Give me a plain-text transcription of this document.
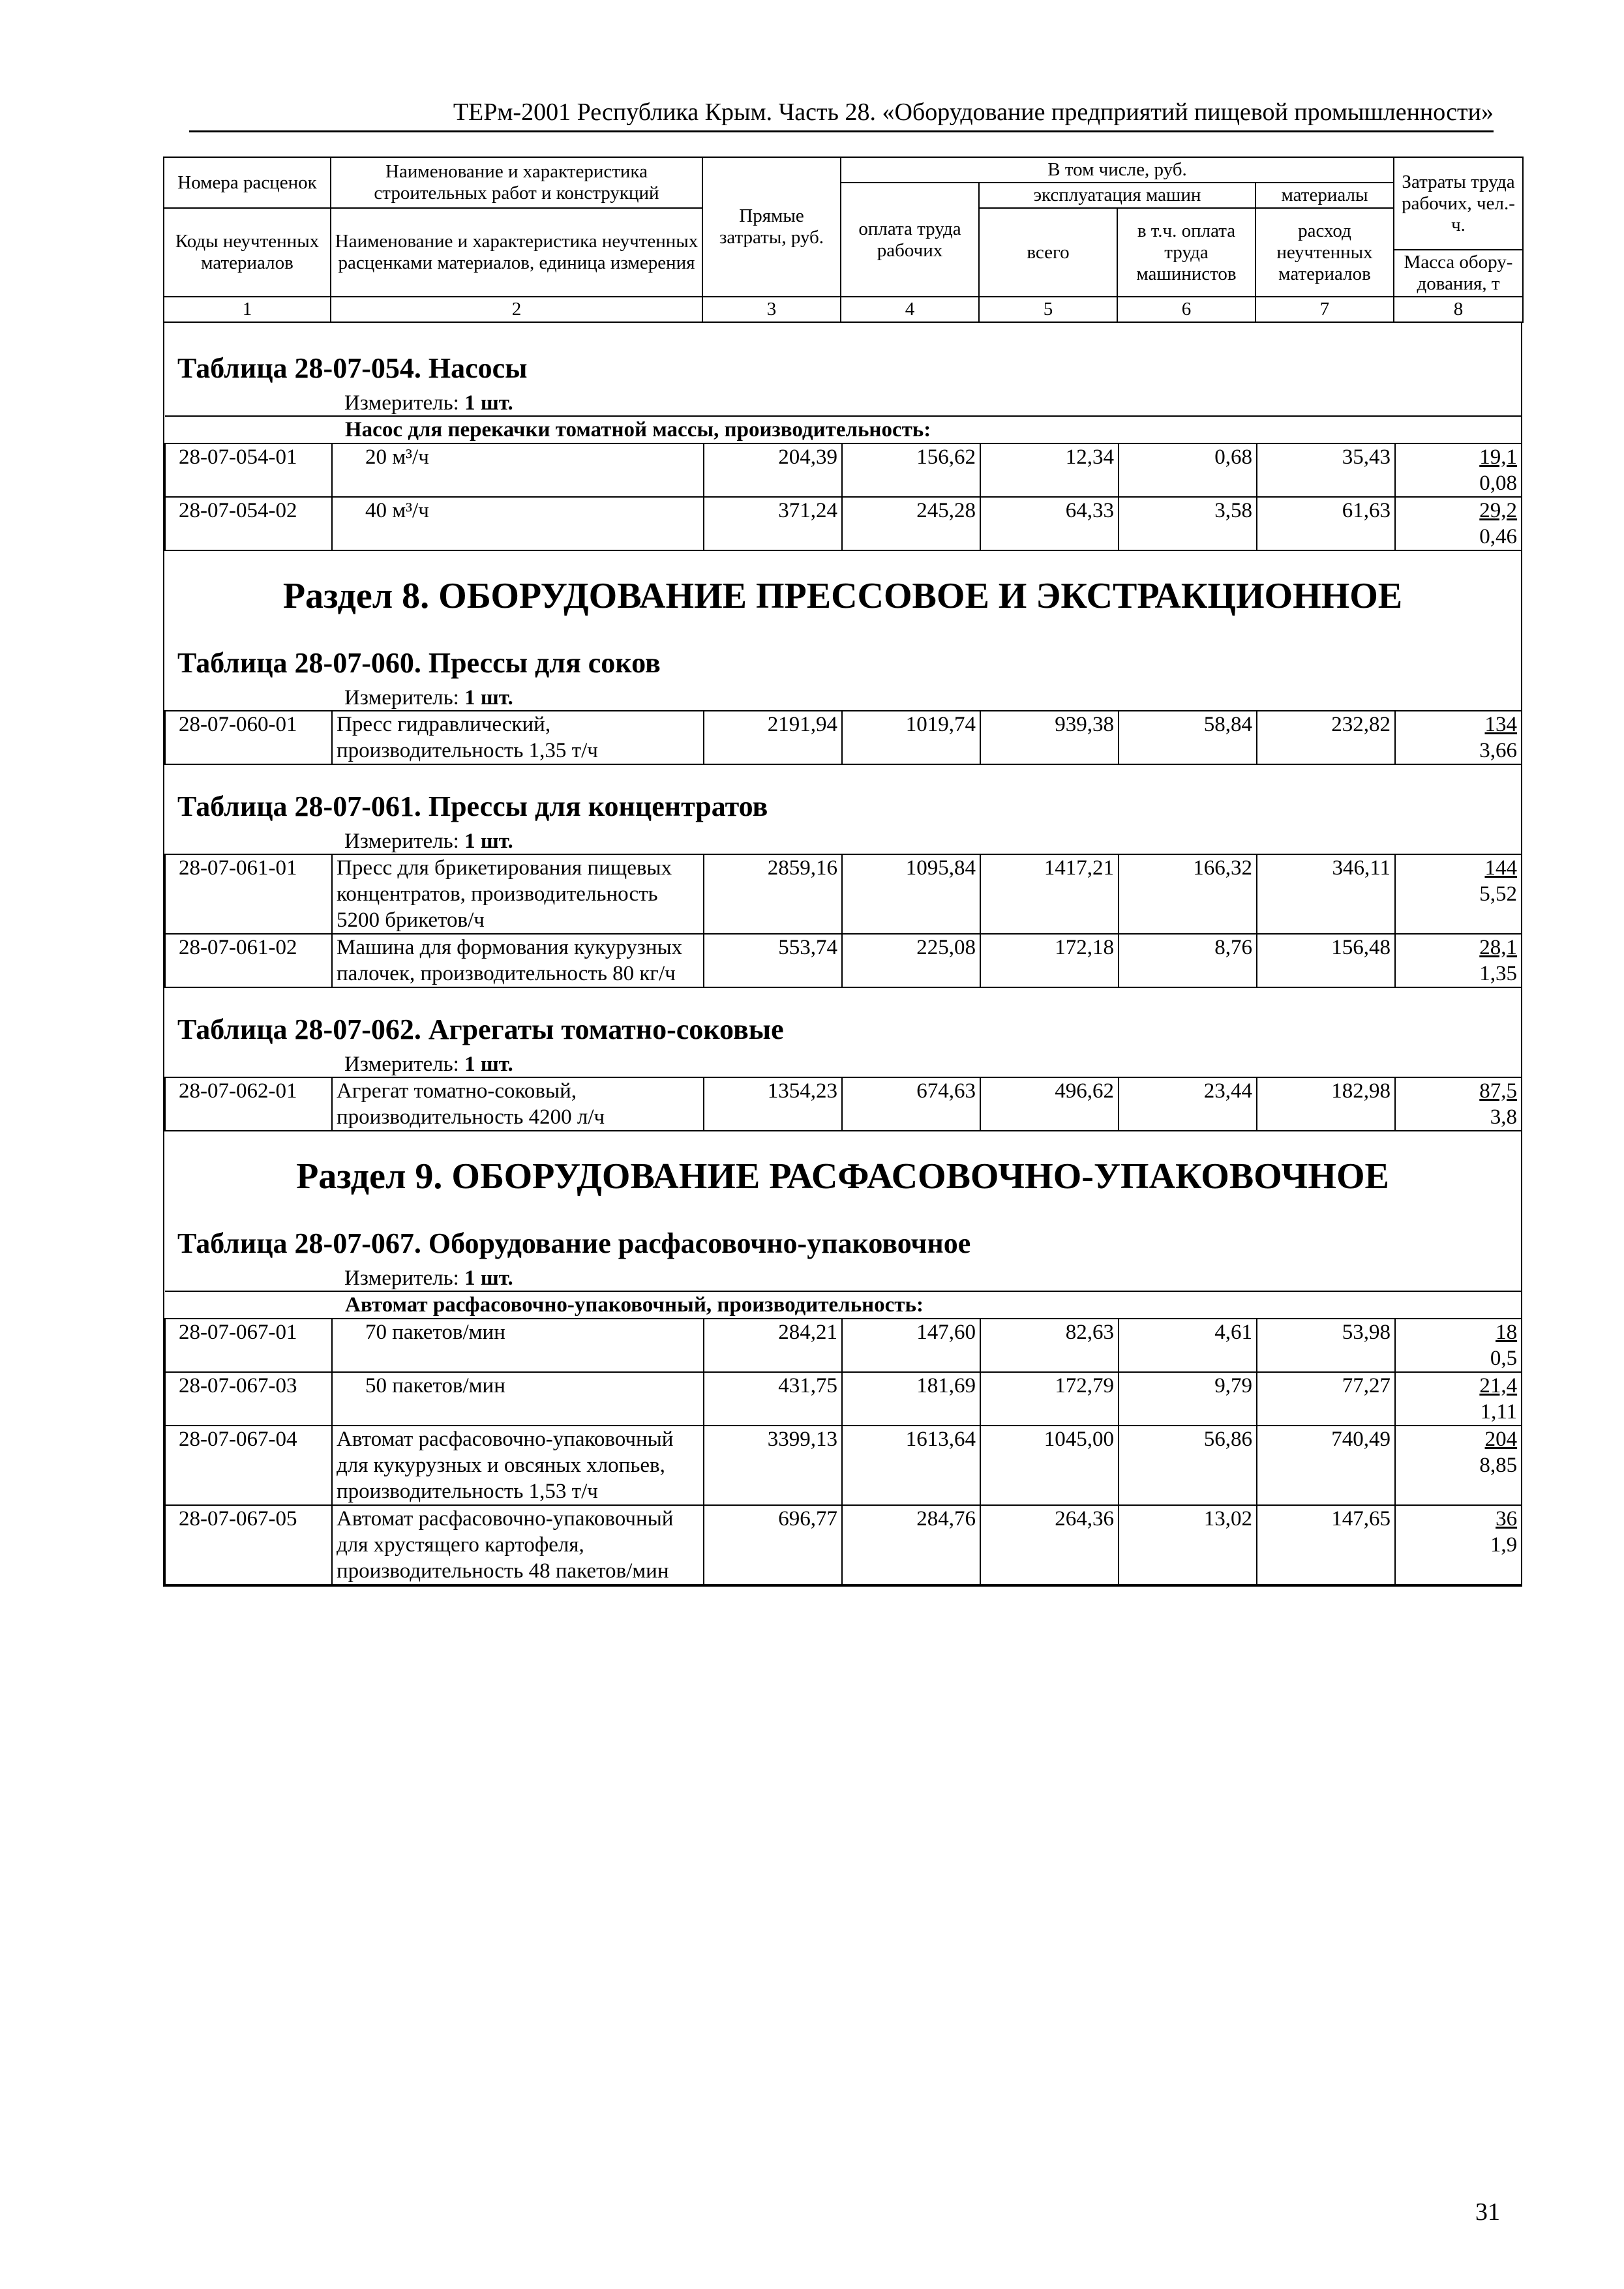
ТЕРм-2001 Республика Крым. Часть 28. «Оборудование предприятий пищевой промышленности»
Номера расценок	Наименование и характеристика строительных работ и конструкций	Прямые затраты, руб.	В том числе, руб.				Затраты труда рабочих, чел.-ч.
			оплата труда рабочих	эксплуатация машин		материалы	
Коды неучтенных материалов	Наименование и характеристика неучтенных расценками материалов, единица измерения			всего	в т.ч. оплата труда машинистов	расход неучтенных материалов	
							Масса обору-дования, т
1	2	3	4	5	6	7	8
Таблица 28-07-054. Насосы
Измеритель: 1 шт.
Насос для перекачки томатной массы, производительность:							
28-07-054-01	20 м³/ч	204,39	156,62	12,34	0,68	35,43	19,1
0,08

28-07-054-02	40 м³/ч	371,24	245,28	64,33	3,58	61,63	29,2
0,46
Раздел 8. ОБОРУДОВАНИЕ ПРЕССОВОЕ И ЭКСТРАКЦИОННОЕ
Таблица 28-07-060. Прессы для соков
Измеритель: 1 шт.
28-07-060-01	Пресс гидравлический, производительность 1,35 т/ч	2191,94	1019,74	939,38	58,84	232,82	134
3,66
Таблица 28-07-061. Прессы для концентратов
Измеритель: 1 шт.
28-07-061-01	Пресс для брикетирования пищевых концентратов, производительность 5200 брикетов/ч	2859,16	1095,84	1417,21	166,32	346,11	144
5,52

28-07-061-02	Машина для формования кукурузных палочек, производительность 80 кг/ч	553,74	225,08	172,18	8,76	156,48	28,1
1,35
Таблица 28-07-062. Агрегаты томатно-соковые
Измеритель: 1 шт.
28-07-062-01	Агрегат томатно-соковый, производительность 4200 л/ч	1354,23	674,63	496,62	23,44	182,98	87,5
3,8
Раздел 9. ОБОРУДОВАНИЕ РАСФАСОВОЧНО-УПАКОВОЧНОЕ
Таблица 28-07-067. Оборудование расфасовочно-упаковочное
Измеритель: 1 шт.
Автомат расфасовочно-упаковочный, производительность:							
28-07-067-01	70 пакетов/мин	284,21	147,60	82,63	4,61	53,98	18
0,5

28-07-067-03	50 пакетов/мин	431,75	181,69	172,79	9,79	77,27	21,4
1,11

28-07-067-04	Автомат расфасовочно-упаковочный для кукурузных и овсяных хлопьев, производительность 1,53 т/ч	3399,13	1613,64	1045,00	56,86	740,49	204
8,85

28-07-067-05	Автомат расфасовочно-упаковочный для хрустящего картофеля, производительность 48 пакетов/мин	696,77	284,76	264,36	13,02	147,65	36
1,9
31
